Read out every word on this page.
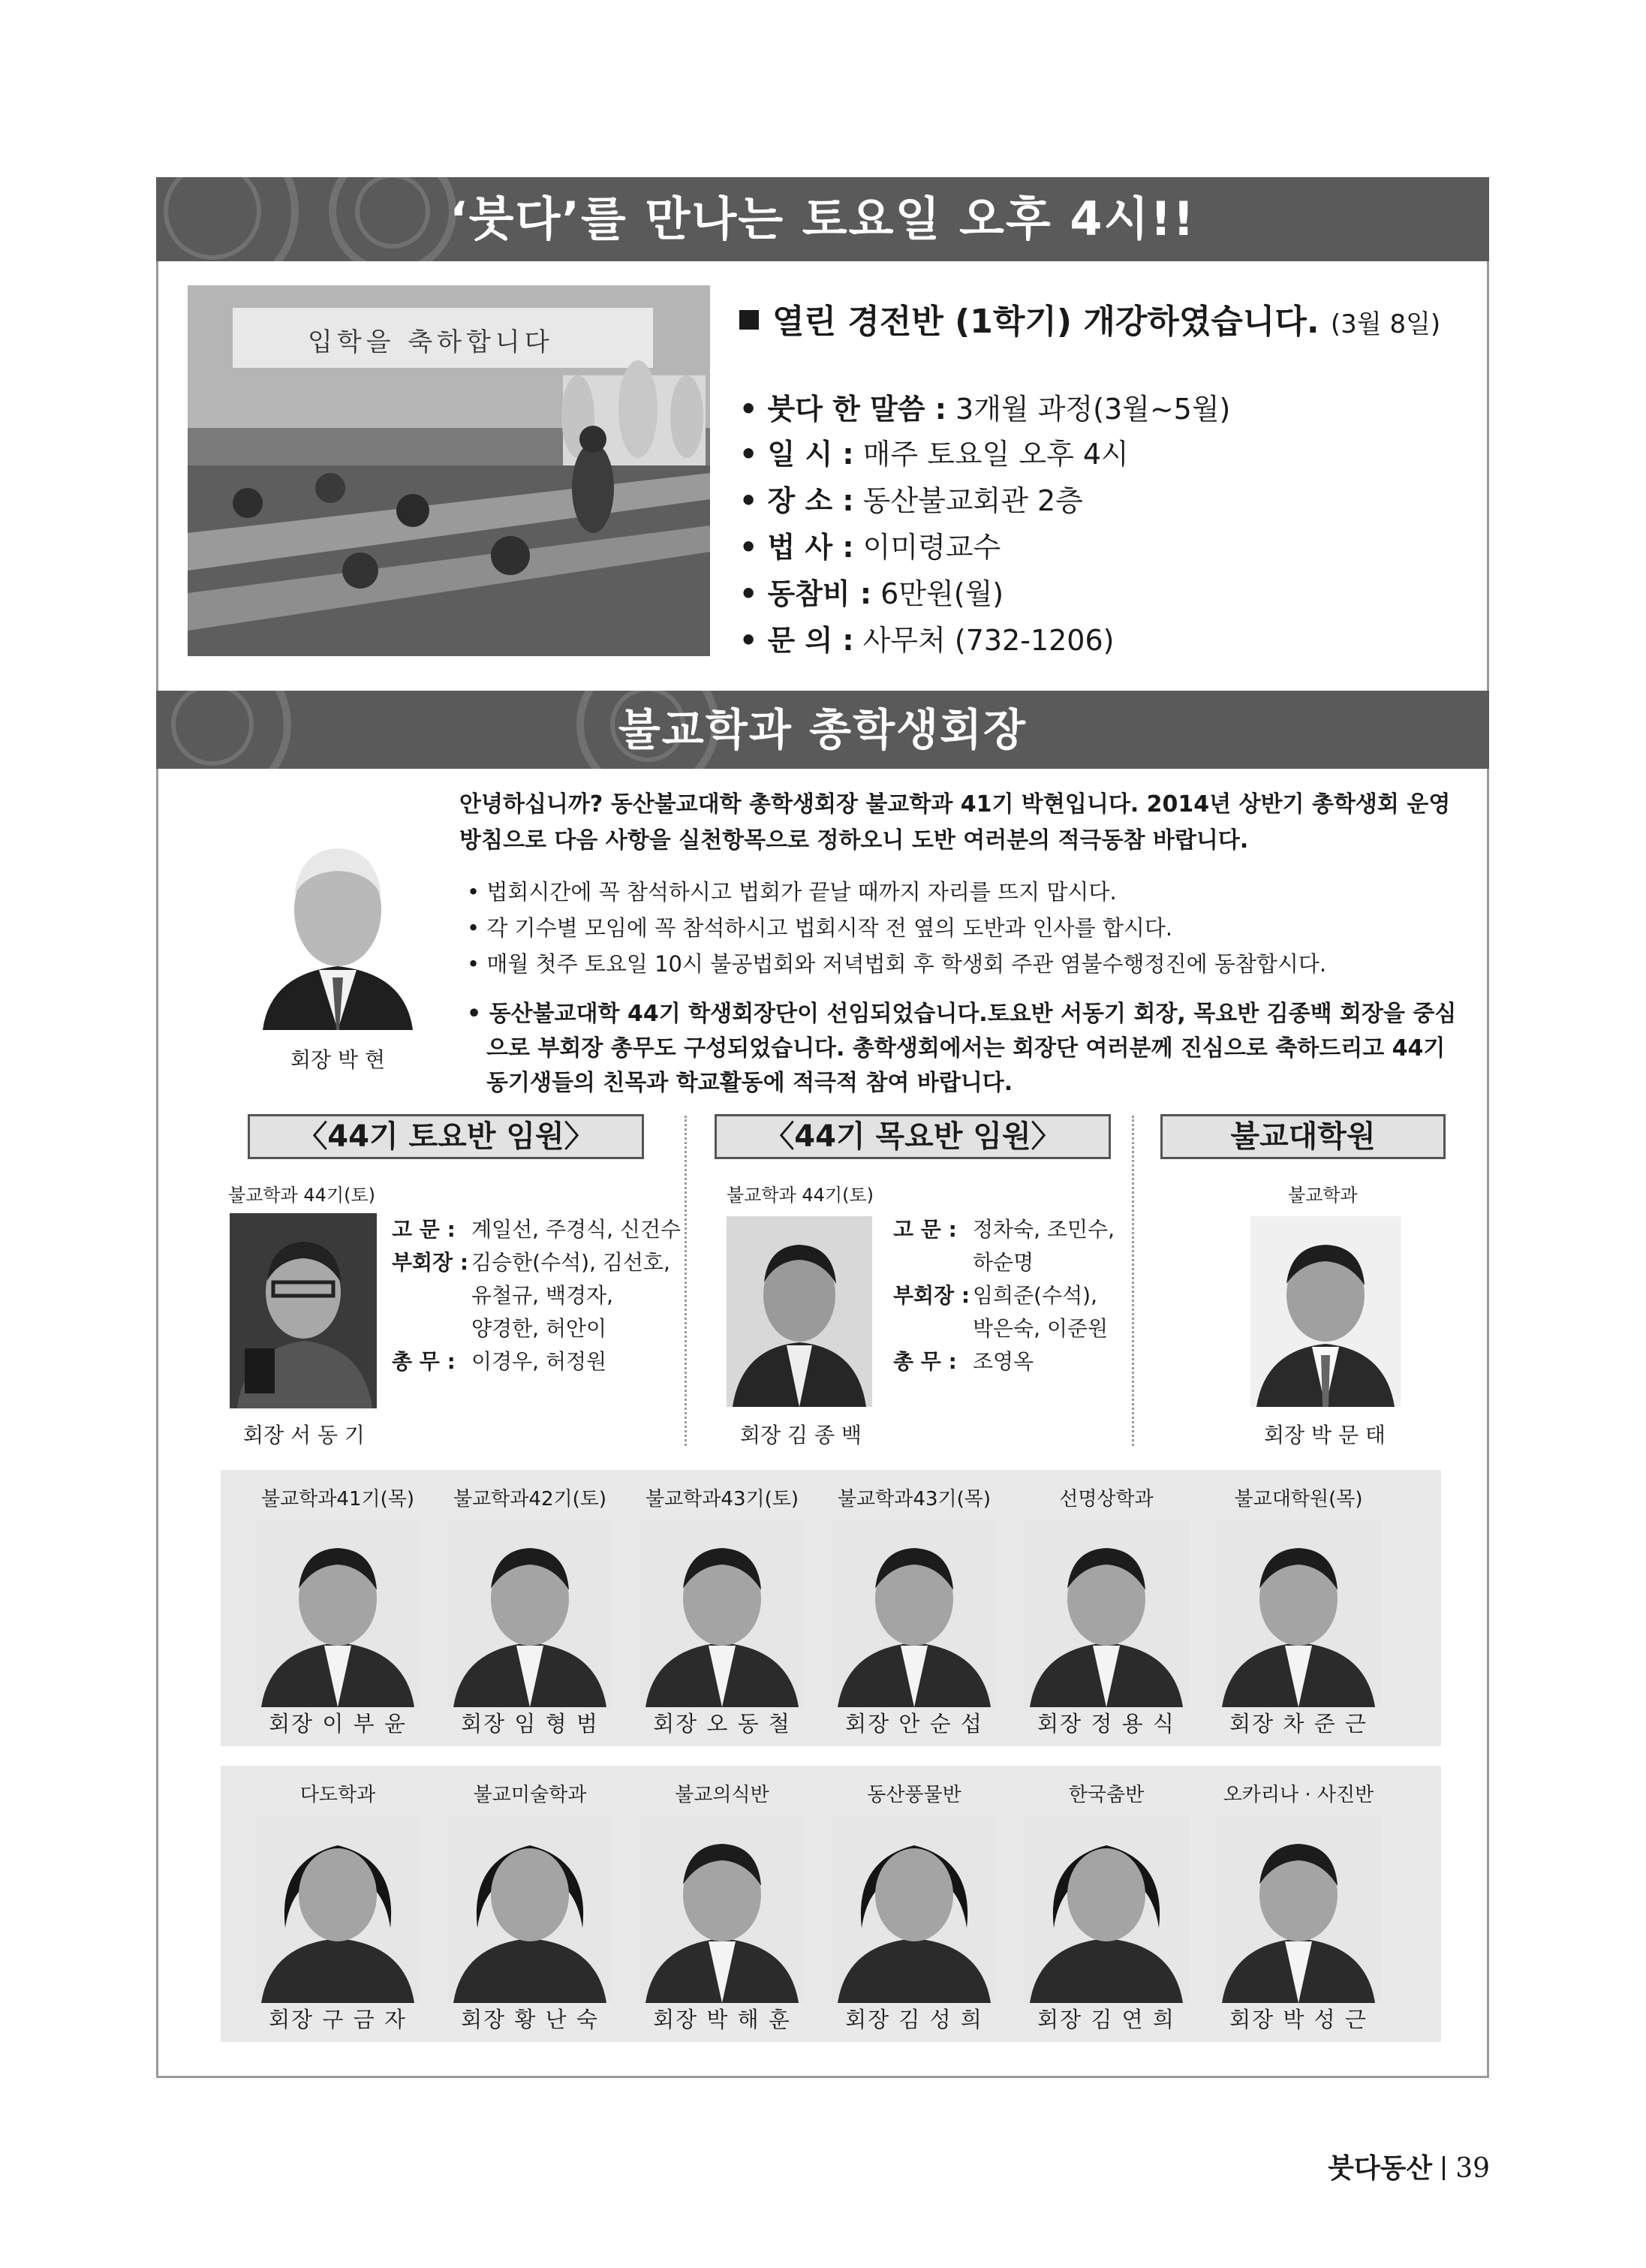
‘붓다’를 만나는 토요일 오후 4시!!
입학을 축하합니다
열린 경전반 (1학기) 개강하였습니다. (3월 8일)
• 붓다 한 말씀 : 3개월 과정(3월~5월)
• 일 시 : 매주 토요일 오후 4시
• 장 소 : 동산불교회관 2층
• 법 사 : 이미령교수
• 동참비 : 6만원(월)
• 문 의 : 사무처 (732-1206)
불교학과 총학생회장
회장 박 현
안녕하십니까? 동산불교대학 총학생회장 불교학과 41기 박현입니다. 2014년 상반기 총학생회 운영방침으로 다음 사항을 실천항목으로 정하오니 도반 여러분의 적극동참 바랍니다.
• 법회시간에 꼭 참석하시고 법회가 끝날 때까지 자리를 뜨지 맙시다.
• 각 기수별 모임에 꼭 참석하시고 법회시작 전 옆의 도반과 인사를 합시다.
• 매월 첫주 토요일 10시 불공법회와 저녁법회 후 학생회 주관 염불수행정진에 동참합시다.
• 동산불교대학 44기 학생회장단이 선임되었습니다.토요반 서동기 회장, 목요반 김종백 회장을 중심으로 부회장 총무도 구성되었습니다. 총학생회에서는 회장단 여러분께 진심으로 축하드리고 44기 동기생들의 친목과 학교활동에 적극적 참여 바랍니다.
〈44기 토요반 임원〉	〈44기 목요반 임원〉	불교대학원
불교학과 44기(토)
회장 서 동 기
고 문 : 계일선, 주경식, 신건수
부회장 : 김승한(수석), 김선호,
유철규, 백경자,
양경한, 허안이
총 무 : 이경우, 허정원
불교학과 44기(토)
회장 김 종 백
고 문 : 정차숙, 조민수,
하순명
부회장 : 임희준(수석),
박은숙, 이준원
총 무 : 조영옥
불교학과
회장 박 문 태
불교학과41기(목)
회장 이 부 윤
불교학과42기(토)
회장 임 형 범
불교학과43기(토)
회장 오 동 철
불교학과43기(목)
회장 안 순 섭
선명상학과
회장 정 용 식
불교대학원(목)
회장 차 준 근
다도학과
회장 구 금 자
불교미술학과
회장 황 난 숙
불교의식반
회장 박 해 훈
동산풍물반
회장 김 성 희
한국춤반
회장 김 연 희
오카리나 · 사진반
회장 박 성 근
붓다동산 39
